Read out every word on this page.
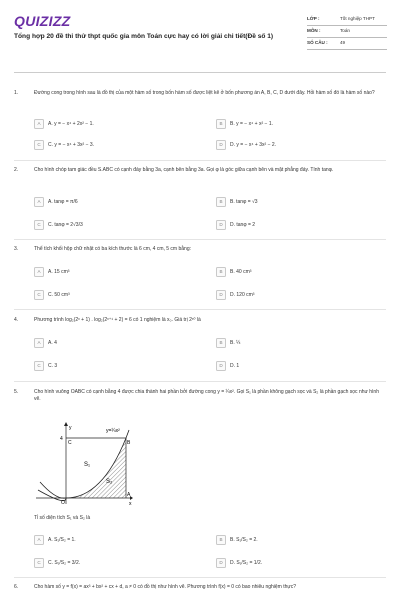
QUIZIZZ
Tổng hợp 20 đề thi thử thpt quốc gia môn Toán cực hay có lời giải chi tiết(Đề số 1)
LỚP :	Tốt nghiệp THPT
MÔN :	Toán
SỐ CÂU :	49
1.	Đường cong trong hình sau là đồ thị của một hàm số trong bốn hàm số được liệt kê ở bốn phương án A, B, C, D dưới đây. Hỏi hàm số đó là hàm số nào?
A	A. y = − x⁴ + 2x² − 1.	B	B. y = − x⁴ + x² − 1.
C	C. y = − x⁴ + 3x² − 3.	D	D. y = − x⁴ + 3x² − 2.
2.	Cho hình chóp tam giác đều S.ABC có cạnh đáy bằng 3a, cạnh bên bằng 3a. Gọi φ là góc giữa cạnh bên và mặt phẳng đáy. Tính tanφ.
A	A. tanφ = π/6	B	B. tanφ = √3
C	C. tanφ = 2√3/3	D	D. tanφ = 2
3.	Thể tích khối hộp chữ nhật có ba kích thước là 6 cm, 4 cm, 5 cm bằng:
A	A. 15 cm³	B	B. 40 cm³
C	C. 50 cm³	D	D. 120 cm³
4.	Phương trình log₂(2ˣ + 1) . log₂(2ˣ⁺¹ + 2) = 6 có 1 nghiệm là x₀. Giá trị 2ˣ⁰ là
A	A. 4	B	B. ¼
C	C. 3	D	D. 1
5.	Cho hình vuông OABC có cạnh bằng 4 được chia thành hai phần bởi đường cong y = ¼x². Gọi S₁ là phần không gạch sọc và S₂ là phần gạch sọc như hình vẽ.
y
x
y=¼x²
4
C	B
A
O
S₁
S₂
Tỉ số diện tích S₁ và S₂ là
A	A. S₁/S₂ = 1.	B	B. S₁/S₂ = 2.
C	C. S₁/S₂ = 3/2.	D	D. S₁/S₂ = 1/2.
6.	Cho hàm số y = f(x) = ax³ + bx² + cx + d, a ≠ 0 có đồ thị như hình vẽ. Phương trình f(x) = 0 có bao nhiêu nghiệm thực?
